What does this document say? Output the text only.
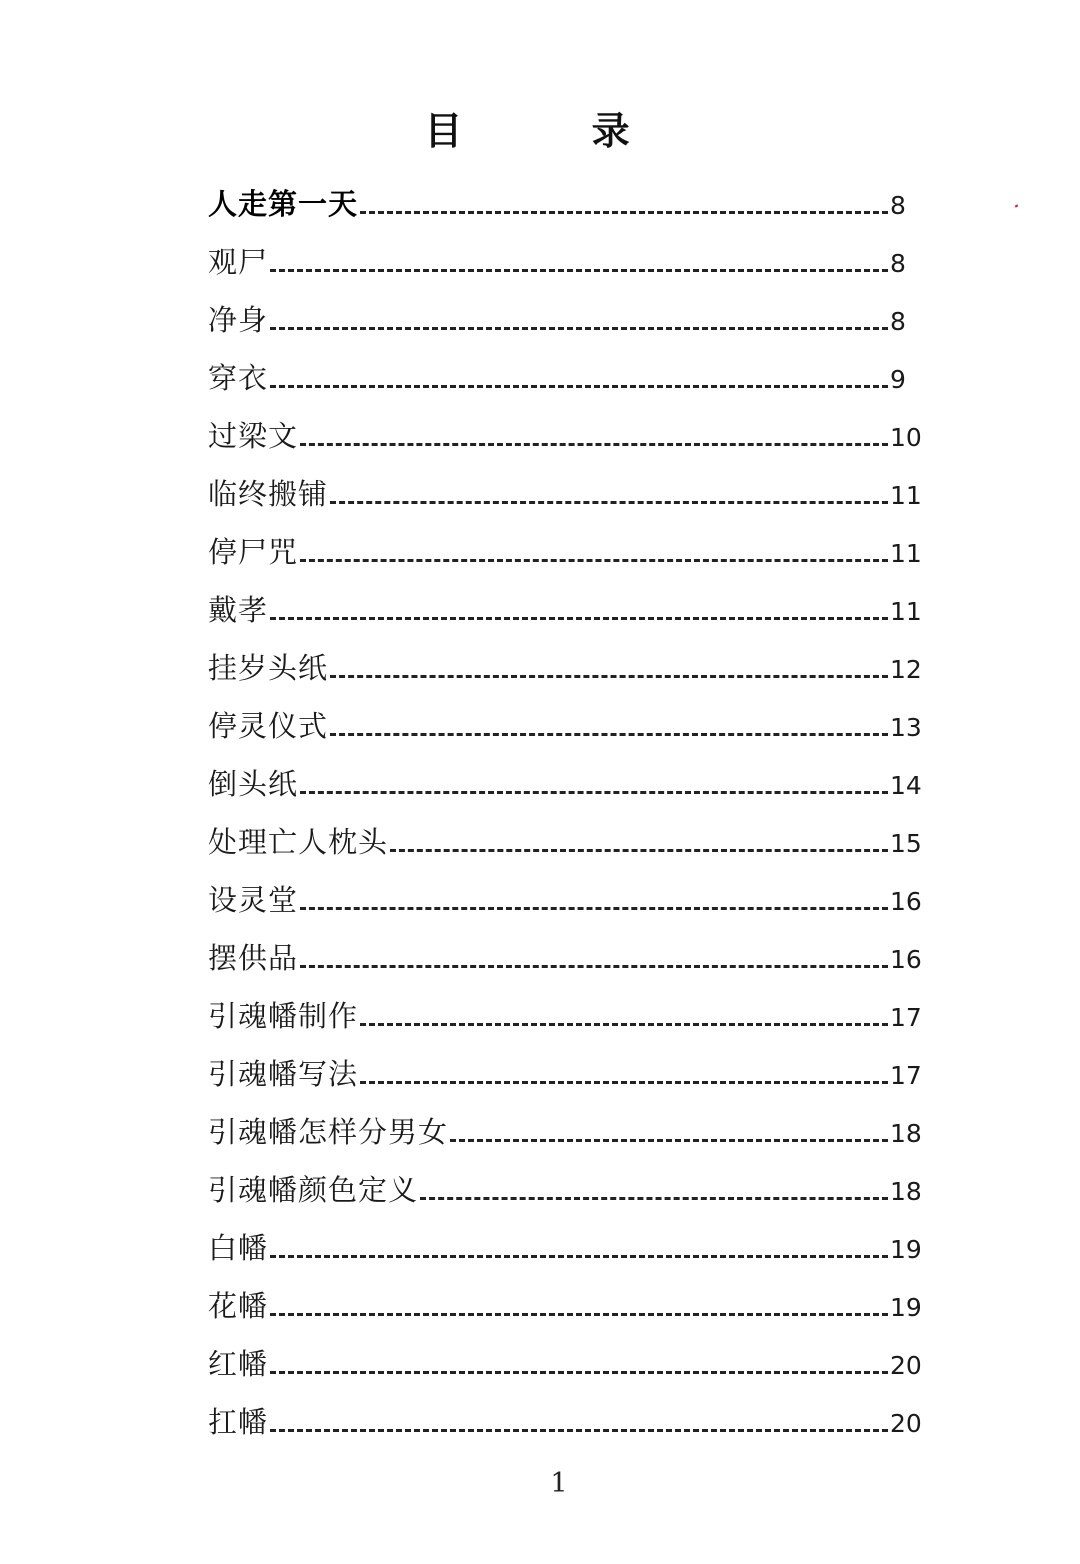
目 录
人走第一天	8
观尸	8
净身	8
穿衣	9
过梁文	10
临终搬铺	11
停尸咒	11
戴孝	11
挂岁头纸	12
停灵仪式	13
倒头纸	14
处理亡人枕头	15
设灵堂	16
摆供品	16
引魂幡制作	17
引魂幡写法	17
引魂幡怎样分男女	18
引魂幡颜色定义	18
白幡	19
花幡	19
红幡	20
扛幡	20
1
